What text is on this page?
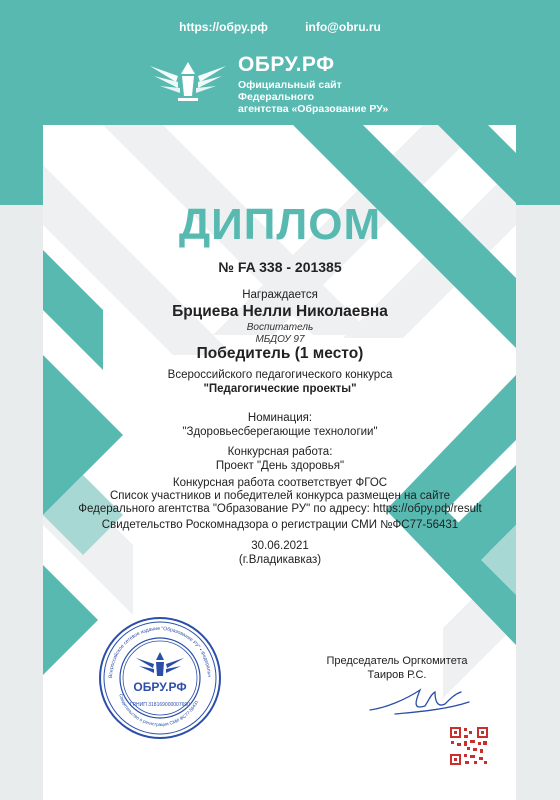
https://обру.рф	info@obru.ru
ОБРУ.РФ
Официальный сайт Федерального
агентства «Образование РУ»
ДИПЛОМ
№ FA 338 - 201385
Награждается
Брциева Нелли Николаевна
Воспитатель
МБДОУ 97
Победитель (1 место)
Всероссийского педагогического конкурса
"Педагогические проекты"
Номинация:
"Здоровьесберегающие технологии"
Конкурсная работа:
Проект "День здоровья"
Конкурсная работа соответствует ФГОС
Список участников и победителей конкурса размещен на сайте
Федерального агентства "Образование РУ" по адресу: https://обру.рф/result
Свидетельство Роскомнадзора о регистрации СМИ №ФС77-56431
30.06.2021
(г.Владикавказ)
ОБРУ.РФ
Всероссийское сетевое издание "Образование РУ" • Федеральн
Свидетельство о регистрации СМИ ФС77-56431
ГРНИП 318169000007690
Председатель Оргкомитета
Таиров Р.С.
